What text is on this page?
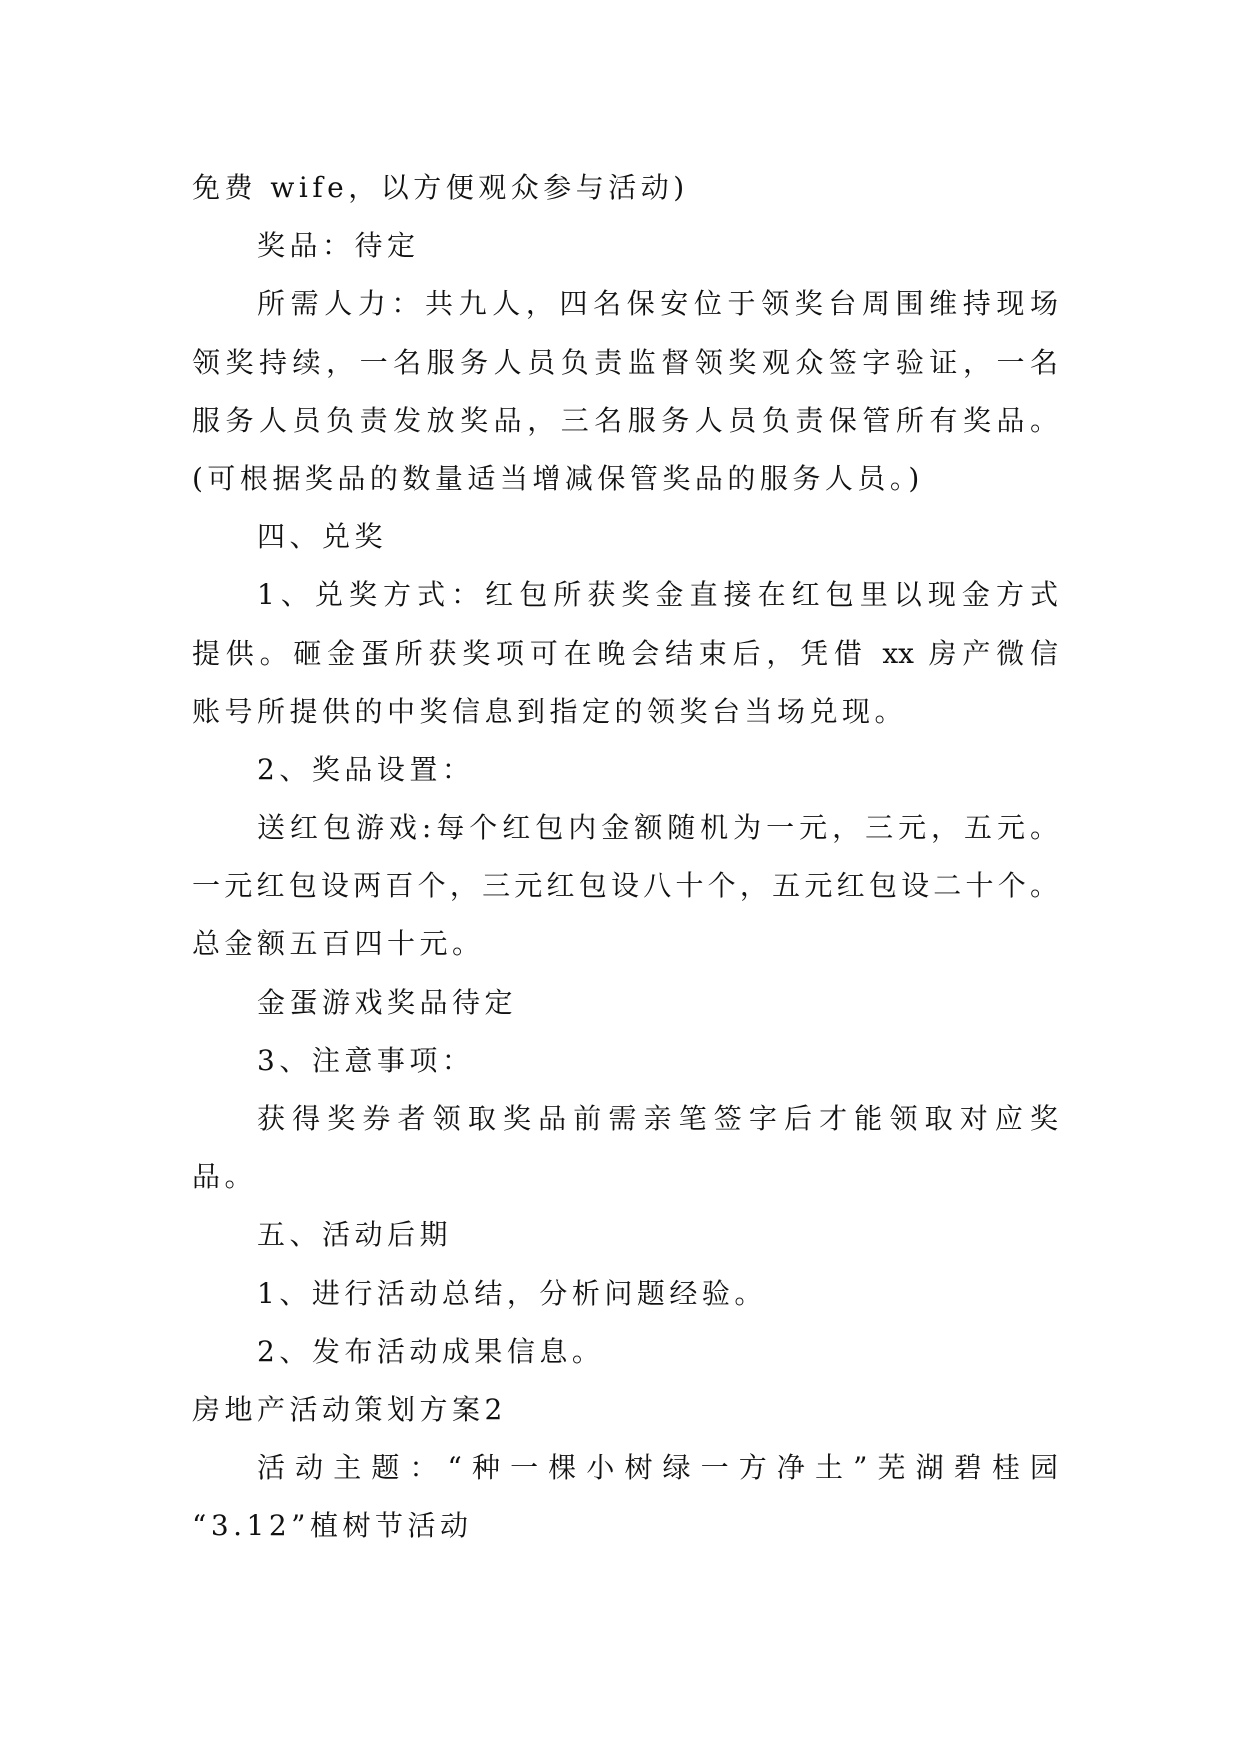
免费 wife，以方便观众参与活动)
奖品：待定
所需人力：共九人，四名保安位于领奖台周围维持现场
领奖持续，一名服务人员负责监督领奖观众签字验证，一名
服务人员负责发放奖品，三名服务人员负责保管所有奖品。
(可根据奖品的数量适当增减保管奖品的服务人员。)
四、兑奖
1、兑奖方式：红包所获奖金直接在红包里以现金方式
提供。砸金蛋所获奖项可在晚会结束后，凭借 xx 房产微信
账号所提供的中奖信息到指定的领奖台当场兑现。
2、奖品设置：
送红包游戏:每个红包内金额随机为一元，三元，五元。
一元红包设两百个，三元红包设八十个，五元红包设二十个。
总金额五百四十元。
金蛋游戏奖品待定
3、注意事项：
获得奖券者领取奖品前需亲笔签字后才能领取对应奖
品。
五、活动后期
1、进行活动总结，分析问题经验。
2、发布活动成果信息。
房地产活动策划方案2
活动主题：“种一棵小树绿一方净土”芜湖碧桂园
“3.12”植树节活动
